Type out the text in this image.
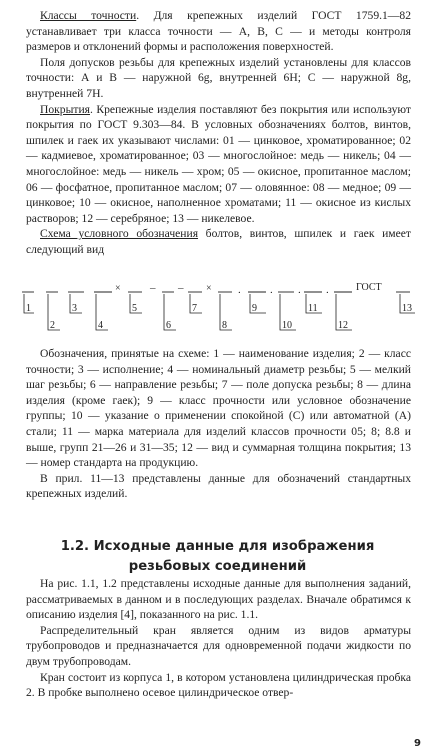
Классы точности. Для крепежных изделий ГОСТ 1759.1—82 устанавливает три класса точности — А, В, С — и методы контроля размеров и отклонений формы и расположения поверхностей.

Поля допусков резьбы для крепежных изделий установлены для классов точности: А и В — наружной 6g, внутренней 6H; С — наружной 8g, внутренней 7H.

Покрытия. Крепежные изделия поставляют без покрытия или используют покрытия по ГОСТ 9.303—84. В условных обозначениях болтов, винтов, шпилек и гаек их указывают числами: 01 — цинковое, хроматированное; 02 — кадмиевое, хроматированное; 03 — многослойное: медь — никель; 04 — многослойное: медь — никель — хром; 05 — окисное, пропитанное маслом; 06 — фосфатное, пропитанное маслом; 07 — оловянное: 08 — медное; 09 — цинковое; 10 — окисное, наполненное хроматами; 11 — окисное из кислых растворов; 12 — серебряное; 13 — никелевое.

Схема условного обозначения болтов, винтов, шпилек и гаек имеет следующий вид

×	– – × .	. . .	ГОСТ
1
2
3
4
5
6
7
8
9
10
11
12
13

Обозначения, принятые на схеме: 1 — наименование изделия; 2 — класс точности; 3 — исполнение; 4 — номинальный диаметр резьбы; 5 — мелкий шаг резьбы; 6 — направление резьбы; 7 — поле допуска резьбы; 8 — длина изделия (кроме гаек); 9 — класс прочности или условное обозначение группы; 10 — указание о применении спокойной (С) или автоматной (А) стали; 11 — марка материала для изделий классов прочности 05; 8; 8.8 и выше, групп 21—26 и 31—35; 12 — вид и суммарная толщина покрытия; 13 — номер стандарта на продукцию.

В прил. 11—13 представлены данные для обозначений стандартных крепежных изделий.

1.2. Исходные данные для изображения
резьбовых соединений

На рис. 1.1, 1.2 представлены исходные данные для выполнения заданий, рассматриваемых в данном и в последующих разделах. Вначале обратимся к описанию изделия [4], показанного на рис. 1.1.

Распределительный кран является одним из видов арматуры трубопроводов и предназначается для одновременной подачи жидкости по двум трубопроводам.

Кран состоит из корпуса 1, в котором установлена цилиндрическая пробка 2. В пробке выполнено осевое цилиндрическое отвер-

9
